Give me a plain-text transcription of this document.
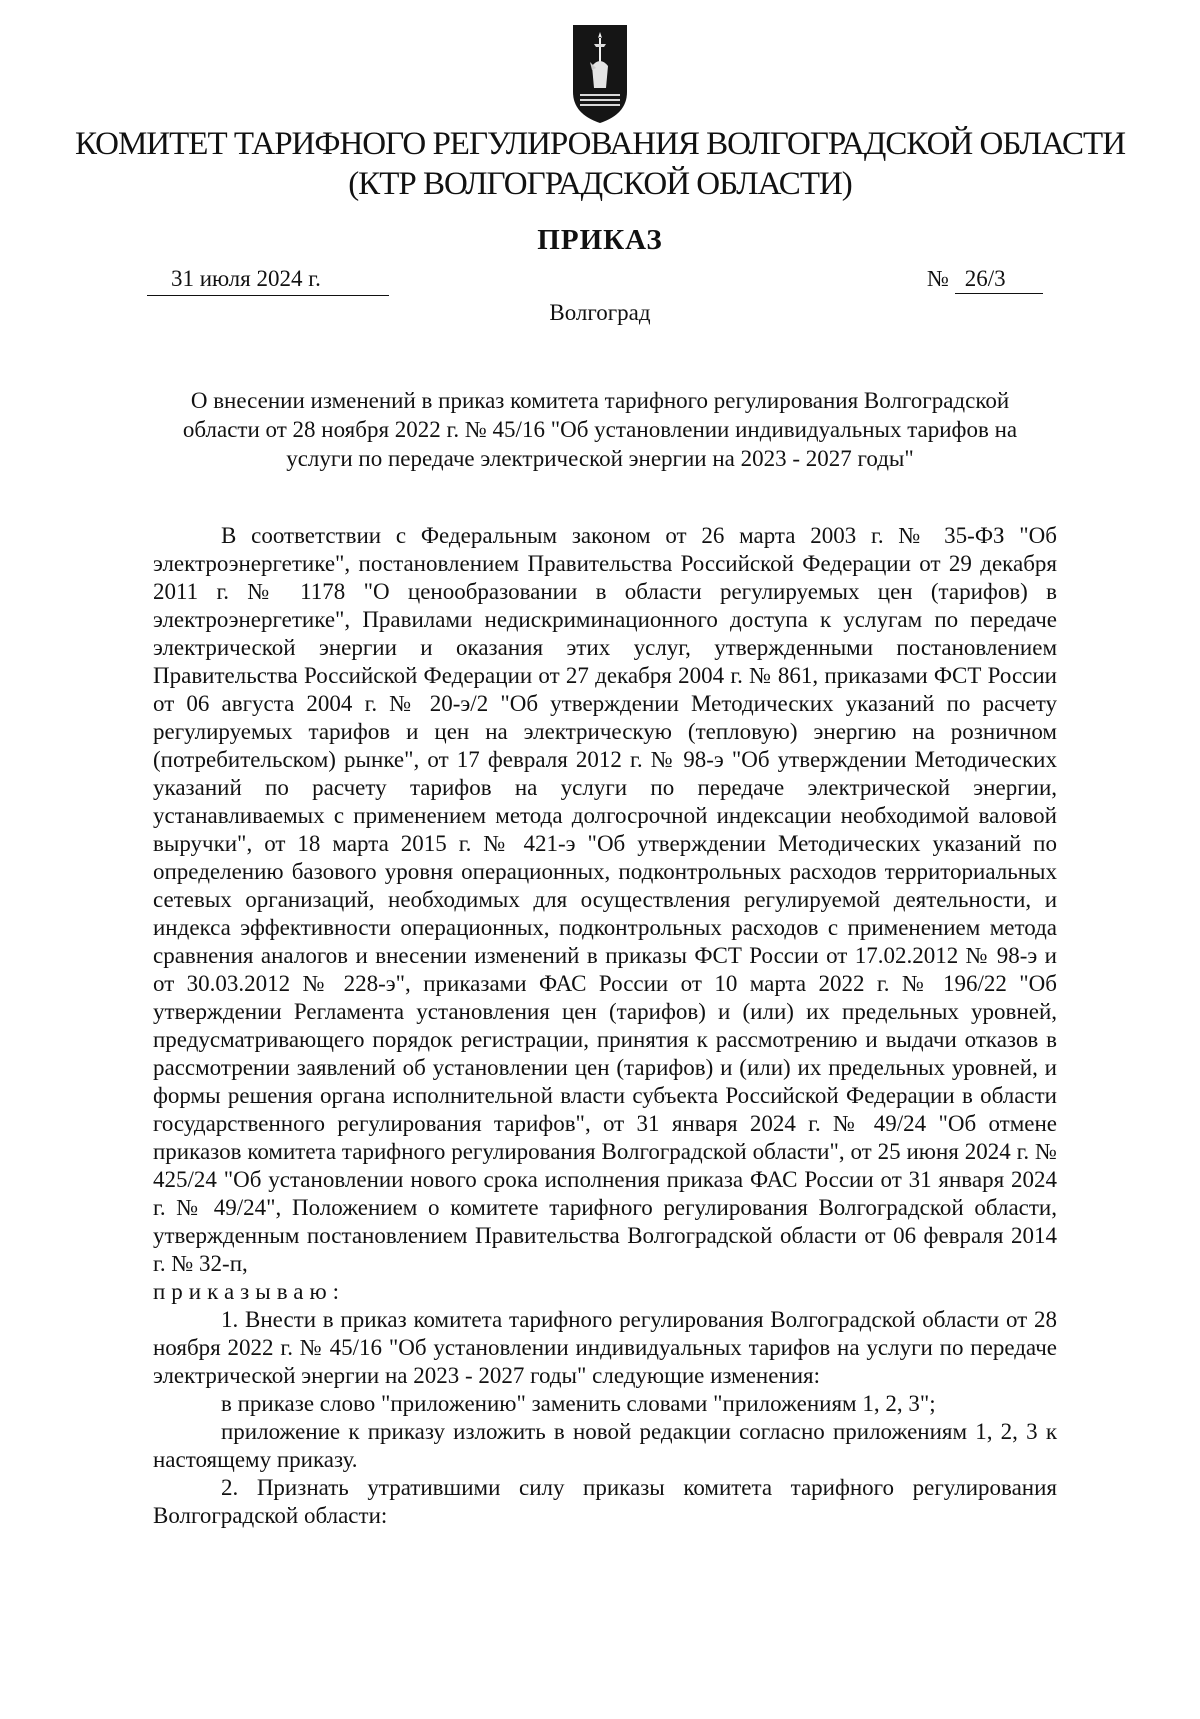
КОМИТЕТ ТАРИФНОГО РЕГУЛИРОВАНИЯ ВОЛГОГРАДСКОЙ ОБЛАСТИ
(КТР ВОЛГОГРАДСКОЙ ОБЛАСТИ)
ПРИКАЗ
31 июля 2024 г.	№ 26/3
Волгоград

О внесении изменений в приказ комитета тарифного регулирования Волгоградской области от 28 ноября 2022 г. № 45/16 "Об установлении индивидуальных тарифов на услуги по передаче электрической энергии на 2023 - 2027 годы"

В соответствии с Федеральным законом от 26 марта 2003 г. № 35-ФЗ "Об электроэнергетике", постановлением Правительства Российской Федерации от 29 декабря 2011 г. № 1178 "О ценообразовании в области регулируемых цен (тарифов) в электроэнергетике", Правилами недискриминационного доступа к услугам по передаче электрической энергии и оказания этих услуг, утвержденными постановлением Правительства Российской Федерации от 27 декабря 2004 г. № 861, приказами ФСТ России от 06 августа 2004 г. № 20-э/2 "Об утверждении Методических указаний по расчету регулируемых тарифов и цен на электрическую (тепловую) энергию на розничном (потребительском) рынке", от 17 февраля 2012 г. № 98-э "Об утверждении Методических указаний по расчету тарифов на услуги по передаче электрической энергии, устанавливаемых с применением метода долгосрочной индексации необходимой валовой выручки", от 18 марта 2015 г. № 421-э "Об утверждении Методических указаний по определению базового уровня операционных, подконтрольных расходов территориальных сетевых организаций, необходимых для осуществления регулируемой деятельности, и индекса эффективности операционных, подконтрольных расходов с применением метода сравнения аналогов и внесении изменений в приказы ФСТ России от 17.02.2012 № 98-э и от 30.03.2012 № 228-э", приказами ФАС России от 10 марта 2022 г. № 196/22 "Об утверждении Регламента установления цен (тарифов) и (или) их предельных уровней, предусматривающего порядок регистрации, принятия к рассмотрению и выдачи отказов в рассмотрении заявлений об установлении цен (тарифов) и (или) их предельных уровней, и формы решения органа исполнительной власти субъекта Российской Федерации в области государственного регулирования тарифов", от 31 января 2024 г. № 49/24 "Об отмене приказов комитета тарифного регулирования Волгоградской области", от 25 июня 2024 г. № 425/24 "Об установлении нового срока исполнения приказа ФАС России от 31 января 2024 г. № 49/24", Положением о комитете тарифного регулирования Волгоградской области, утвержденным постановлением Правительства Волгоградской области от 06 февраля 2014 г. № 32-п,

приказываю:

1. Внести в приказ комитета тарифного регулирования Волгоградской области от 28 ноября 2022 г. № 45/16 "Об установлении индивидуальных тарифов на услуги по передаче электрической энергии на 2023 - 2027 годы" следующие изменения:

в приказе слово "приложению" заменить словами "приложениям 1, 2, 3";

приложение к приказу изложить в новой редакции согласно приложениям 1, 2, 3 к настоящему приказу.

2. Признать утратившими силу приказы комитета тарифного регулирования Волгоградской области:
